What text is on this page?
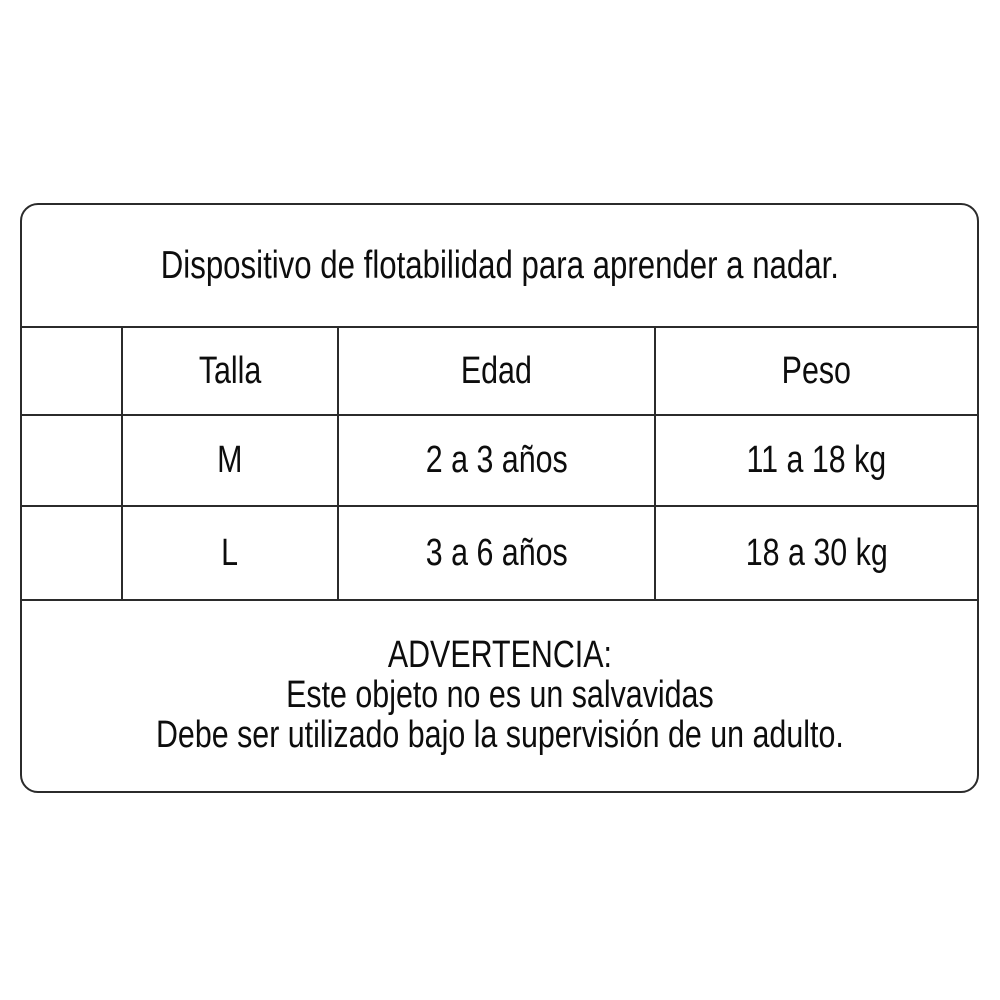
Dispositivo de flotabilidad para aprender a nadar.
Talla	Edad	Peso
M	2 a 3 años	11 a 18 kg
L	3 a 6 años	18 a 30 kg
ADVERTENCIA:
Este objeto no es un salvavidas
Debe ser utilizado bajo la supervisión de un adulto.
